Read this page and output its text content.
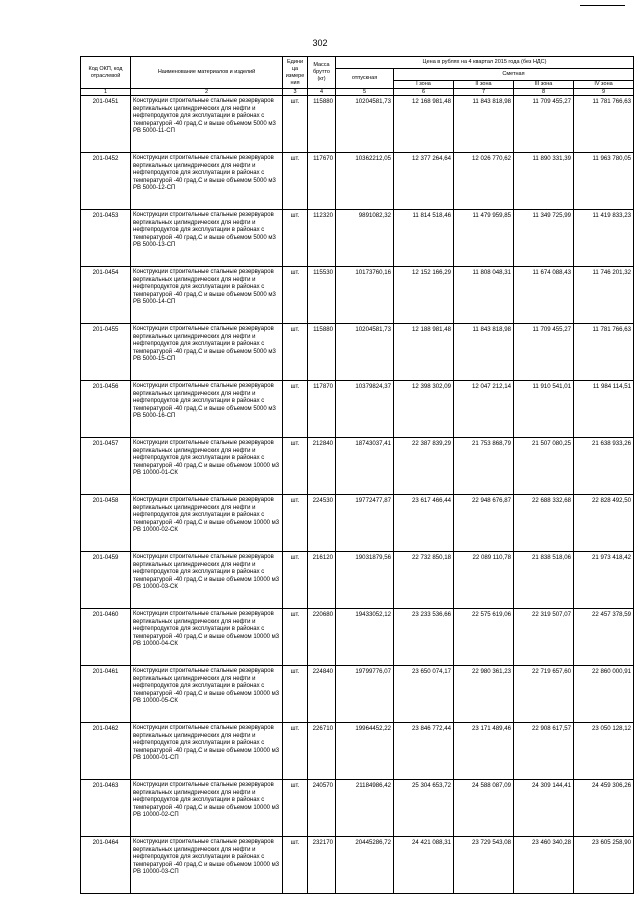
302
Код ОКП, код отраслевой	Наименование материалов и изделий	Едини ца измере ния	Масса брутто (кг)	Цена в рублях на 4 квартал 2015 года (без НДС)				
				отпускная	Сметная			
					I зона	II зона	III зона	IV зона
1	2	3	4	5	6	7	8	9
201-0451	Конструкции строительные стальные резервуаров вертикальных цилиндрических для нефти и нефтепродуктов для эксплуатации в районах с температурой -40 град.С и выше объемом 5000 м3 РВ 5000-11-СП	шт.	115880	10204581,73	12 168 981,48	11 843 818,98	11 709 455,27	11 781 766,63
201-0452	Конструкции строительные стальные резервуаров вертикальных цилиндрических для нефти и нефтепродуктов для эксплуатации в районах с температурой -40 град.С и выше объемом 5000 м3 РВ 5000-12-СП	шт.	117670	10362212,05	12 377 264,64	12 026 770,62	11 890 331,39	11 963 780,05
201-0453	Конструкции строительные стальные резервуаров вертикальных цилиндрических для нефти и нефтепродуктов для эксплуатации в районах с температурой -40 град.С и выше объемом 5000 м3 РВ 5000-13-СП	шт.	112320	9891082,32	11 814 518,46	11 479 959,85	11 349 725,99	11 419 833,23
201-0454	Конструкции строительные стальные резервуаров вертикальных цилиндрических для нефти и нефтепродуктов для эксплуатации в районах с температурой -40 град.С и выше объемом 5000 м3 РВ 5000-14-СП	шт.	115530	10173760,16	12 152 166,29	11 808 048,31	11 674 088,43	11 746 201,32
201-0455	Конструкции строительные стальные резервуаров вертикальных цилиндрических для нефти и нефтепродуктов для эксплуатации в районах с температурой -40 град.С и выше объемом 5000 м3 РВ 5000-15-СП	шт.	115880	10204581,73	12 188 981,48	11 843 818,98	11 709 455,27	11 781 766,63
201-0456	Конструкции строительные стальные резервуаров вертикальных цилиндрических для нефти и нефтепродуктов для эксплуатации в районах с температурой -40 град.С и выше объемом 5000 м3 РВ 5000-16-СП	шт.	117870	10379824,37	12 398 302,09	12 047 212,14	11 910 541,01	11 984 114,51
201-0457	Конструкции строительные стальные резервуаров вертикальных цилиндрических для нефти и нефтепродуктов для эксплуатации в районах с температурой -40 град.С и выше объемом 10000 м3 РВ 10000-01-СК	шт.	212840	18743037,41	22 387 839,29	21 753 868,79	21 507 080,25	21 638 933,26
201-0458	Конструкции строительные стальные резервуаров вертикальных цилиндрических для нефти и нефтепродуктов для эксплуатации в районах с температурой -40 град.С и выше объемом 10000 м3 РВ 10000-02-СК	шт.	224530	19772477,87	23 617 466,44	22 948 676,87	22 688 332,68	22 828 492,50
201-0459	Конструкции строительные стальные резервуаров вертикальных цилиндрических для нефти и нефтепродуктов для эксплуатации в районах с температурой -40 град.С и выше объемом 10000 м3 РВ 10000-03-СК	шт.	216120	19031879,56	22 732 850,18	22 089 110,78	21 838 518,06	21 973 418,42
201-0460	Конструкции строительные стальные резервуаров вертикальных цилиндрических для нефти и нефтепродуктов для эксплуатации в районах с температурой -40 град.С и выше объемом 10000 м3 РВ 10000-04-СК	шт.	220680	19433052,12	23 233 536,66	22 575 619,06	22 319 507,07	22 457 378,59
201-0461	Конструкции строительные стальные резервуаров вертикальных цилиндрических для нефти и нефтепродуктов для эксплуатации в районах с температурой -40 град.С и выше объемом 10000 м3 РВ 10000-05-СК	шт.	224840	19799776,07	23 650 074,17	22 980 361,23	22 719 657,60	22 860 000,91
201-0462	Конструкции строительные стальные резервуаров вертикальных цилиндрических для нефти и нефтепродуктов для эксплуатации в районах с температурой -40 град.С и выше объемом 10000 м3 РВ 10000-01-СП	шт.	226710	19964452,22	23 846 772,44	23 171 489,46	22 908 617,57	23 050 128,12
201-0463	Конструкции строительные стальные резервуаров вертикальных цилиндрических для нефти и нефтепродуктов для эксплуатации в районах с температурой -40 град.С и выше объемом 10000 м3 РВ 10000-02-СП	шт.	240570	21184986,42	25 304 653,72	24 588 087,09	24 309 144,41	24 459 306,26
201-0464	Конструкции строительные стальные резервуаров вертикальных цилиндрических для нефти и нефтепродуктов для эксплуатации в районах с температурой -40 град.С и выше объемом 10000 м3 РВ 10000-03-СП	шт.	232170	20445286,72	24 421 088,31	23 729 543,08	23 460 340,28	23 605 258,90
